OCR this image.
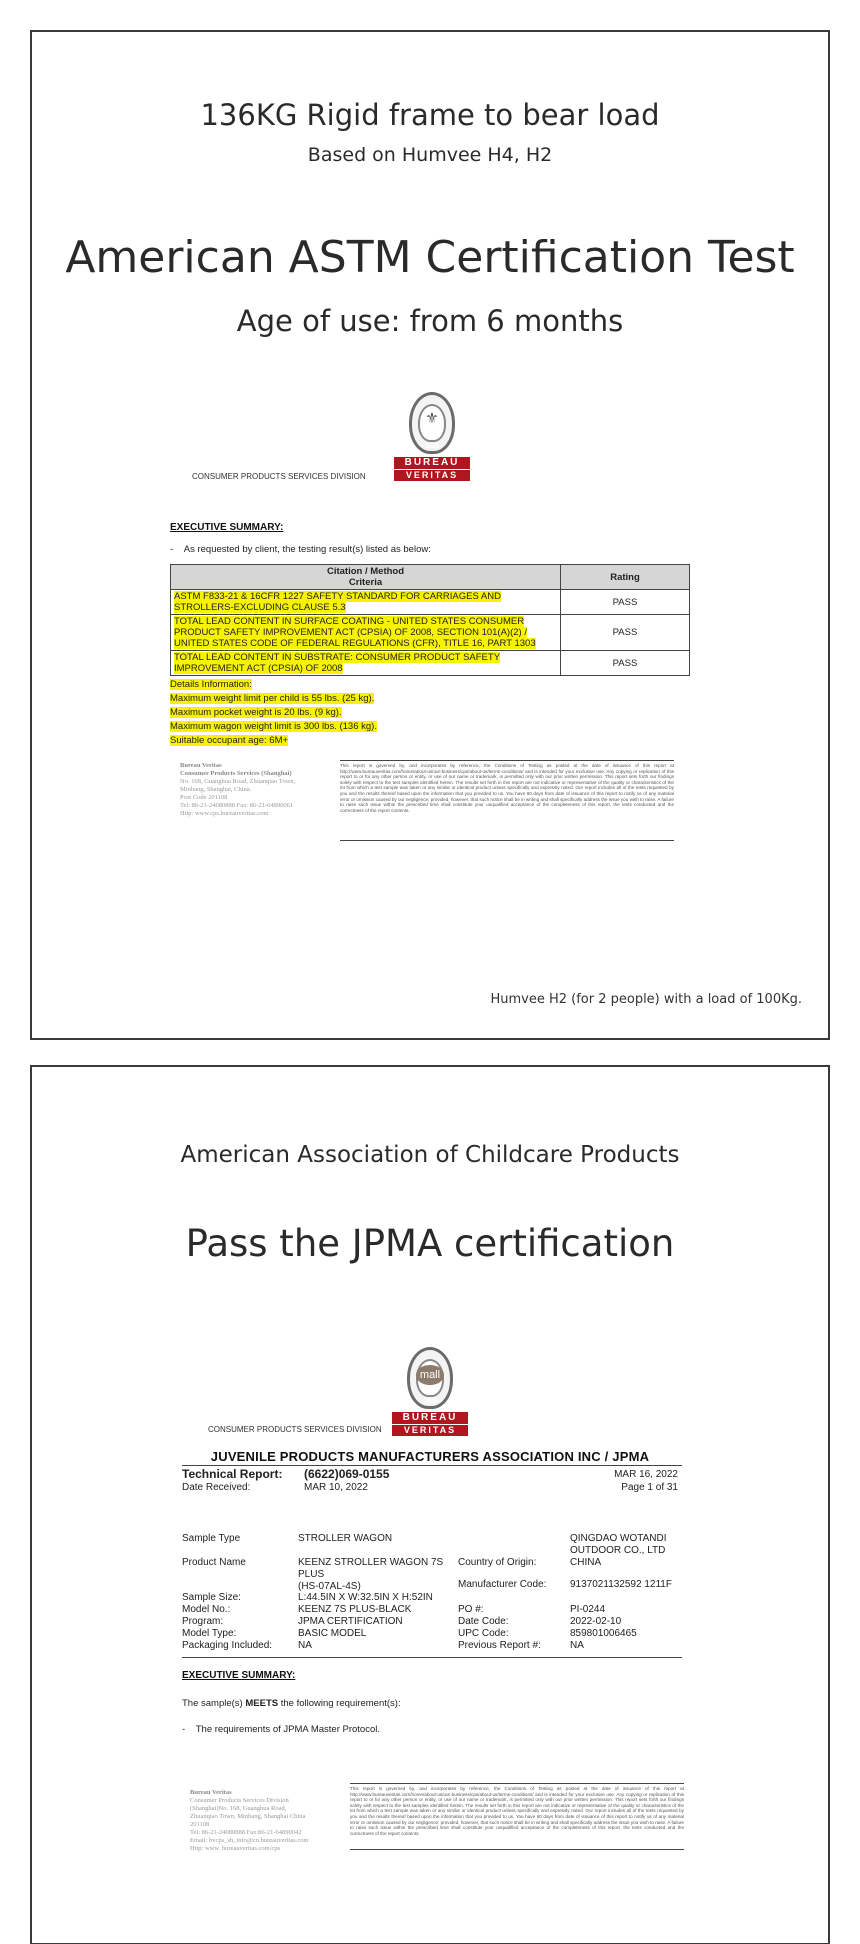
136KG Rigid frame to bear load
Based on Humvee H4, H2
American ASTM Certification Test
Age of use: from 6 months
⚜
1828
BUREAU
VERITAS
CONSUMER PRODUCTS SERVICES DIVISION
EXECUTIVE SUMMARY:
-    As requested by client, the testing result(s) listed as below:
Citation / Method
Criteria	Rating
ASTM F833-21 & 16CFR 1227 SAFETY STANDARD FOR CARRIAGES AND STROLLERS-EXCLUDING CLAUSE 5.3	PASS
TOTAL LEAD CONTENT IN SURFACE COATING - UNITED STATES CONSUMER PRODUCT SAFETY IMPROVEMENT ACT (CPSIA) OF 2008, SECTION 101(A)(2) / UNITED STATES CODE OF FEDERAL REGULATIONS (CFR), TITLE 16, PART 1303	PASS
TOTAL LEAD CONTENT IN SUBSTRATE: CONSUMER PRODUCT SAFETY IMPROVEMENT ACT (CPSIA) OF 2008	PASS
Details Information:
Maximum weight limit per child is 55 lbs. (25 kg).
Maximum pocket weight is 20 lbs. (9 kg).
Maximum wagon weight limit is 300 lbs. (136 kg).
Suitable occupant age: 6M+
Bureau Veritas
Consumer Products Services (Shanghai)
No. 168, Guanghua Road, Zhuanqiao Town,
Minhang, Shanghai, China.
Post Code 201108
Tel: 86-21-24080888 Fax: 86-21-64890061
Http: www.cps.bureauveritas.com
This report is governed by, and incorporates by reference, the Conditions of Testing as posted at the date of issuance of this report at http://www.bureauveritas.com/home/about-us/our-business/cps/about-us/terms-conditions/ and is intended for your exclusive use. Any copying or replication of this report to or for any other person or entity, or use of our name or trademark, is permitted only with our prior written permission. This report sets forth our findings solely with respect to the test samples identified herein. The results set forth in this report are not indicative or representative of the quality or characteristics of the lot from which a test sample was taken or any similar or identical product unless specifically and expressly noted. Our report includes all of the tests requested by you and the results thereof based upon the information that you provided to us. You have 60 days from date of issuance of this report to notify us of any material error or omission caused by our negligence; provided, however, that such notice shall be in writing and shall specifically address the issue you wish to raise. A failure to raise such issue within the prescribed time shall constitute your unqualified acceptance of the completeness of this report, the tests conducted and the correctness of the report contents.
Humvee H2 (for 2 people) with a load of 100Kg.
American Association of Childcare Products
Pass the JPMA certification
mall
1828
BUREAU
VERITAS
CONSUMER PRODUCTS SERVICES DIVISION
JUVENILE PRODUCTS MANUFACTURERS ASSOCIATION INC / JPMA
Technical Report: (6622)069-0155	MAR 16, 2022
Date Received:	MAR 10, 2022	Page 1 of 31
Sample Type	STROLLER WAGON	QINGDAO WOTANDI
OUTDOOR CO., LTD
Product Name	KEENZ STROLLER WAGON 7S
PLUS
(HS-07AL-4S)
Country of Origin:	CHINA
Manufacturer Code: 9137021132592 1211F
Sample Size:	L:44.5IN X W:32.5IN X H:52IN
Model No.:	KEENZ 7S PLUS-BLACK	PO #:	PI-0244
Program:	JPMA CERTIFICATION	Date Code:	2022-02-10
Model Type:	BASIC MODEL	UPC Code:	859801006465
Packaging Included:	NA	Previous Report #:	NA
EXECUTIVE SUMMARY:
The sample(s) MEETS the following requirement(s):
-    The requirements of JPMA Master Protocol.
Bureau Veritas
Consumer Products Services Division
(Shanghai)No. 168, Guanghua Road,
Zhuanqiao Town, Minhang, Shanghai China
201108
Tel: 86-21-24080888 Fax:86-21-64890042
Email: bvcps_sh_info@cn.bureauveritas.com
Http: www. bureauveritas.com/cps
This report is governed by, and incorporates by reference, the Conditions of Testing as posted at the date of issuance of this report at http://www.bureauveritas.com/home/about-us/our-business/cps/about-us/terms-conditions/ and is intended for your exclusive use. Any copying or replication of this report to or for any other person or entity, or use of our name or trademark, is permitted only with our prior written permission. This report sets forth our findings solely with respect to the test samples identified herein. The results set forth in this report are not indicative or representative of the quality or characteristics of the lot from which a test sample was taken or any similar or identical product unless specifically and expressly noted. Our report includes all of the tests requested by you and the results thereof based upon the information that you provided to us. You have 60 days from date of issuance of this report to notify us of any material error or omission caused by our negligence; provided, however, that such notice shall be in writing and shall specifically address the issue you wish to raise. A failure to raise such issue within the prescribed time shall constitute your unqualified acceptance of the completeness of this report, the tests conducted and the correctness of the report contents.
